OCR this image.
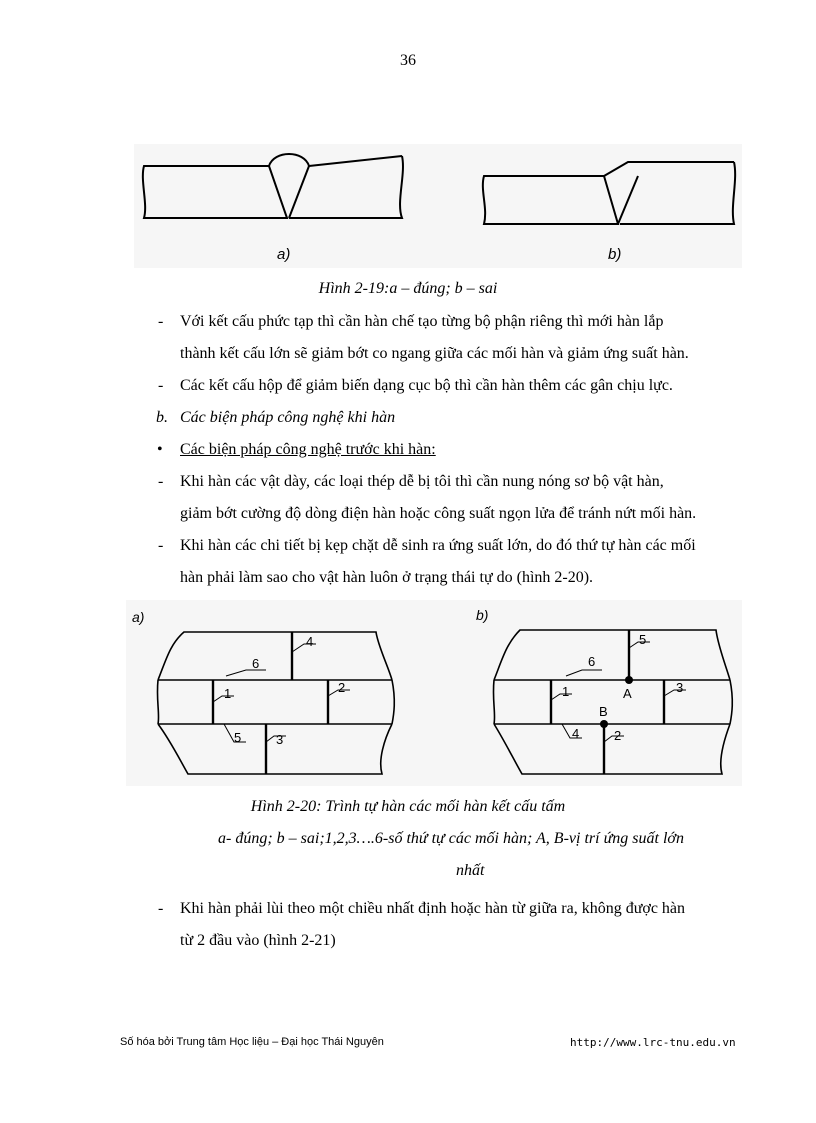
36
a)	b)
Hình 2-19:a – đúng; b – sai
- Với kết cấu phức tạp thì cần hàn chế tạo từng bộ phận riêng thì mới hàn lắp
thành kết cấu lớn sẽ giảm bớt co ngang giữa các mối hàn và giảm ứng suất hàn.
- Các kết cấu hộp để giảm biến dạng cục bộ thì cần hàn thêm các gân chịu lực.
b. Các biện pháp công nghệ khi hàn
• Các biện pháp công nghệ trước khi hàn:
- Khi hàn các vật dày, các loại thép dễ bị tôi thì cần nung nóng sơ bộ vật hàn,
giảm bớt cường độ dòng điện hàn hoặc công suất ngọn lửa để tránh nứt mối hàn.
- Khi hàn các chi tiết bị kẹp chặt dễ sinh ra ứng suất lớn, do đó thứ tự hàn các mối
hàn phải làm sao cho vật hàn luôn ở trạng thái tự do (hình 2-20).
a)	b)
4
6
1	2
5	3
5
6
1	3
4	2
A
B
Hình 2-20: Trình tự hàn các mối hàn kết cấu tấm
a- đúng; b – sai;1,2,3….6-số thứ tự các mối hàn; A, B-vị trí ứng suất lớn
nhất
- Khi hàn phải lùi theo một chiều nhất định hoặc hàn từ giữa ra, không được hàn
từ 2 đầu vào (hình 2-21)
Số hóa bởi Trung tâm Học liệu – Đại học Thái Nguyên	http://www.lrc-tnu.edu.vn
